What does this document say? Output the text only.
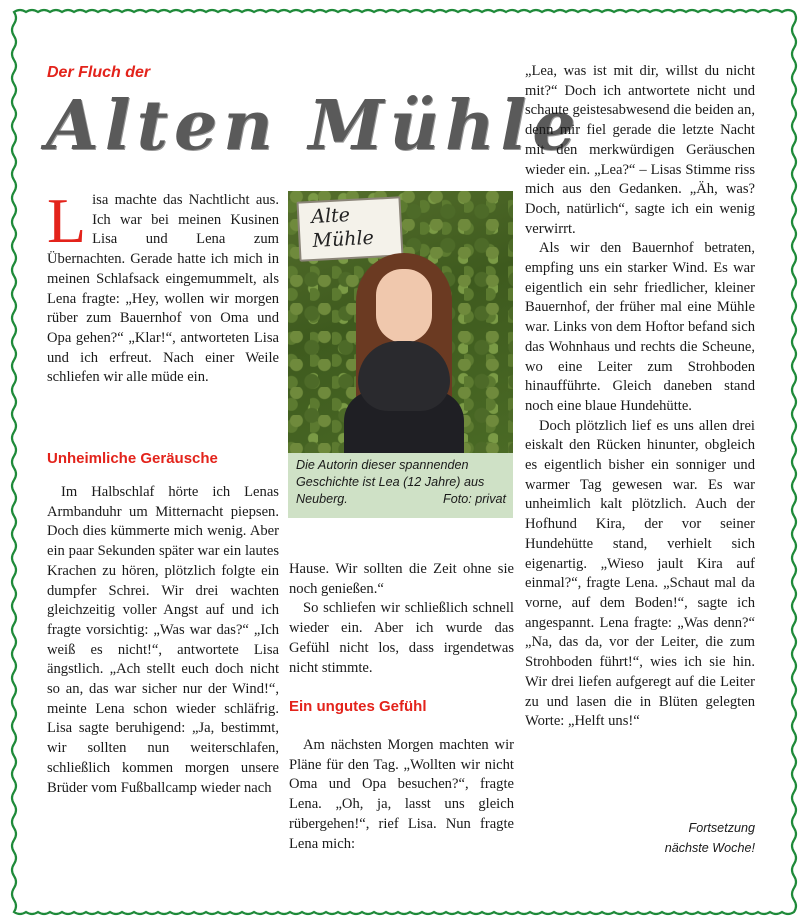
Der Fluch der
Alten Mühle

Lisa machte das Nachtlicht aus. Ich war bei meinen Kusinen Lisa und Lena zum Übernachten. Gerade hatte ich mich in meinen Schlafsack eingemummelt, als Lena fragte: „Hey, wollen wir morgen rüber zum Bauernhof von Oma und Opa gehen?“ „Klar!“, antworteten Lisa und ich erfreut. Nach einer Weile schliefen wir alle müde ein.

Unheimliche Geräusche

Im Halbschlaf hörte ich Lenas Armbanduhr um Mitternacht piepsen. Doch dies kümmerte mich wenig. Aber ein paar Sekunden später war ein lautes Krachen zu hören, plötzlich folgte ein dumpfer Schrei. Wir drei wachten gleichzeitig voller Angst auf und ich fragte vorsichtig: „Was war das?“ „Ich weiß es nicht!“, antwortete Lisa ängstlich. „Ach stellt euch doch nicht so an, das war sicher nur der Wind!“, meinte Lena schon wieder schläfrig. Lisa sagte beruhigend: „Ja, bestimmt, wir sollten nun weiterschlafen, schließlich kommen morgen unsere Brüder vom Fußballcamp wieder nach

Alte Mühle
Die Autorin dieser spannenden Geschichte ist Lea (12 Jahre) aus Neuberg.	Foto: privat

Hause. Wir sollten die Zeit ohne sie noch genießen.“

So schliefen wir schließlich schnell wieder ein. Aber ich wurde das Gefühl nicht los, dass irgendetwas nicht stimmte.

Ein ungutes Gefühl

Am nächsten Morgen machten wir Pläne für den Tag. „Wollten wir nicht Oma und Opa besuchen?“, fragte Lena. „Oh, ja, lasst uns gleich rübergehen!“, rief Lisa. Nun fragte Lena mich:

„Lea, was ist mit dir, willst du nicht mit?“ Doch ich antwortete nicht und schaute geistesabwesend die beiden an, denn mir fiel gerade die letzte Nacht mit den merkwürdigen Geräuschen wieder ein. „Lea?“ – Lisas Stimme riss mich aus den Gedanken. „Äh, was? Doch, natürlich“, sagte ich ein wenig verwirrt.

Als wir den Bauernhof betraten, empfing uns ein starker Wind. Es war eigentlich ein sehr friedlicher, kleiner Bauernhof, der früher mal eine Mühle war. Links von dem Hoftor befand sich das Wohnhaus und rechts die Scheune, wo eine Leiter zum Strohboden hinaufführte. Gleich daneben stand noch eine blaue Hundehütte.

Doch plötzlich lief es uns allen drei eiskalt den Rücken hinunter, obgleich es eigentlich bisher ein sonniger und warmer Tag gewesen war. Es war unheimlich kalt plötzlich. Auch der Hofhund Kira, der vor seiner Hundehütte stand, verhielt sich eigenartig. „Wieso jault Kira auf einmal?“, fragte Lena. „Schaut mal da vorne, auf dem Boden!“, sagte ich angespannt. Lena fragte: „Was denn?“ „Na, das da, vor der Leiter, die zum Strohboden führt!“, wies ich sie hin. Wir drei liefen aufgeregt auf die Leiter zu und lasen die in Blüten gelegten Worte: „Helft uns!“

Fortsetzung
nächste Woche!
